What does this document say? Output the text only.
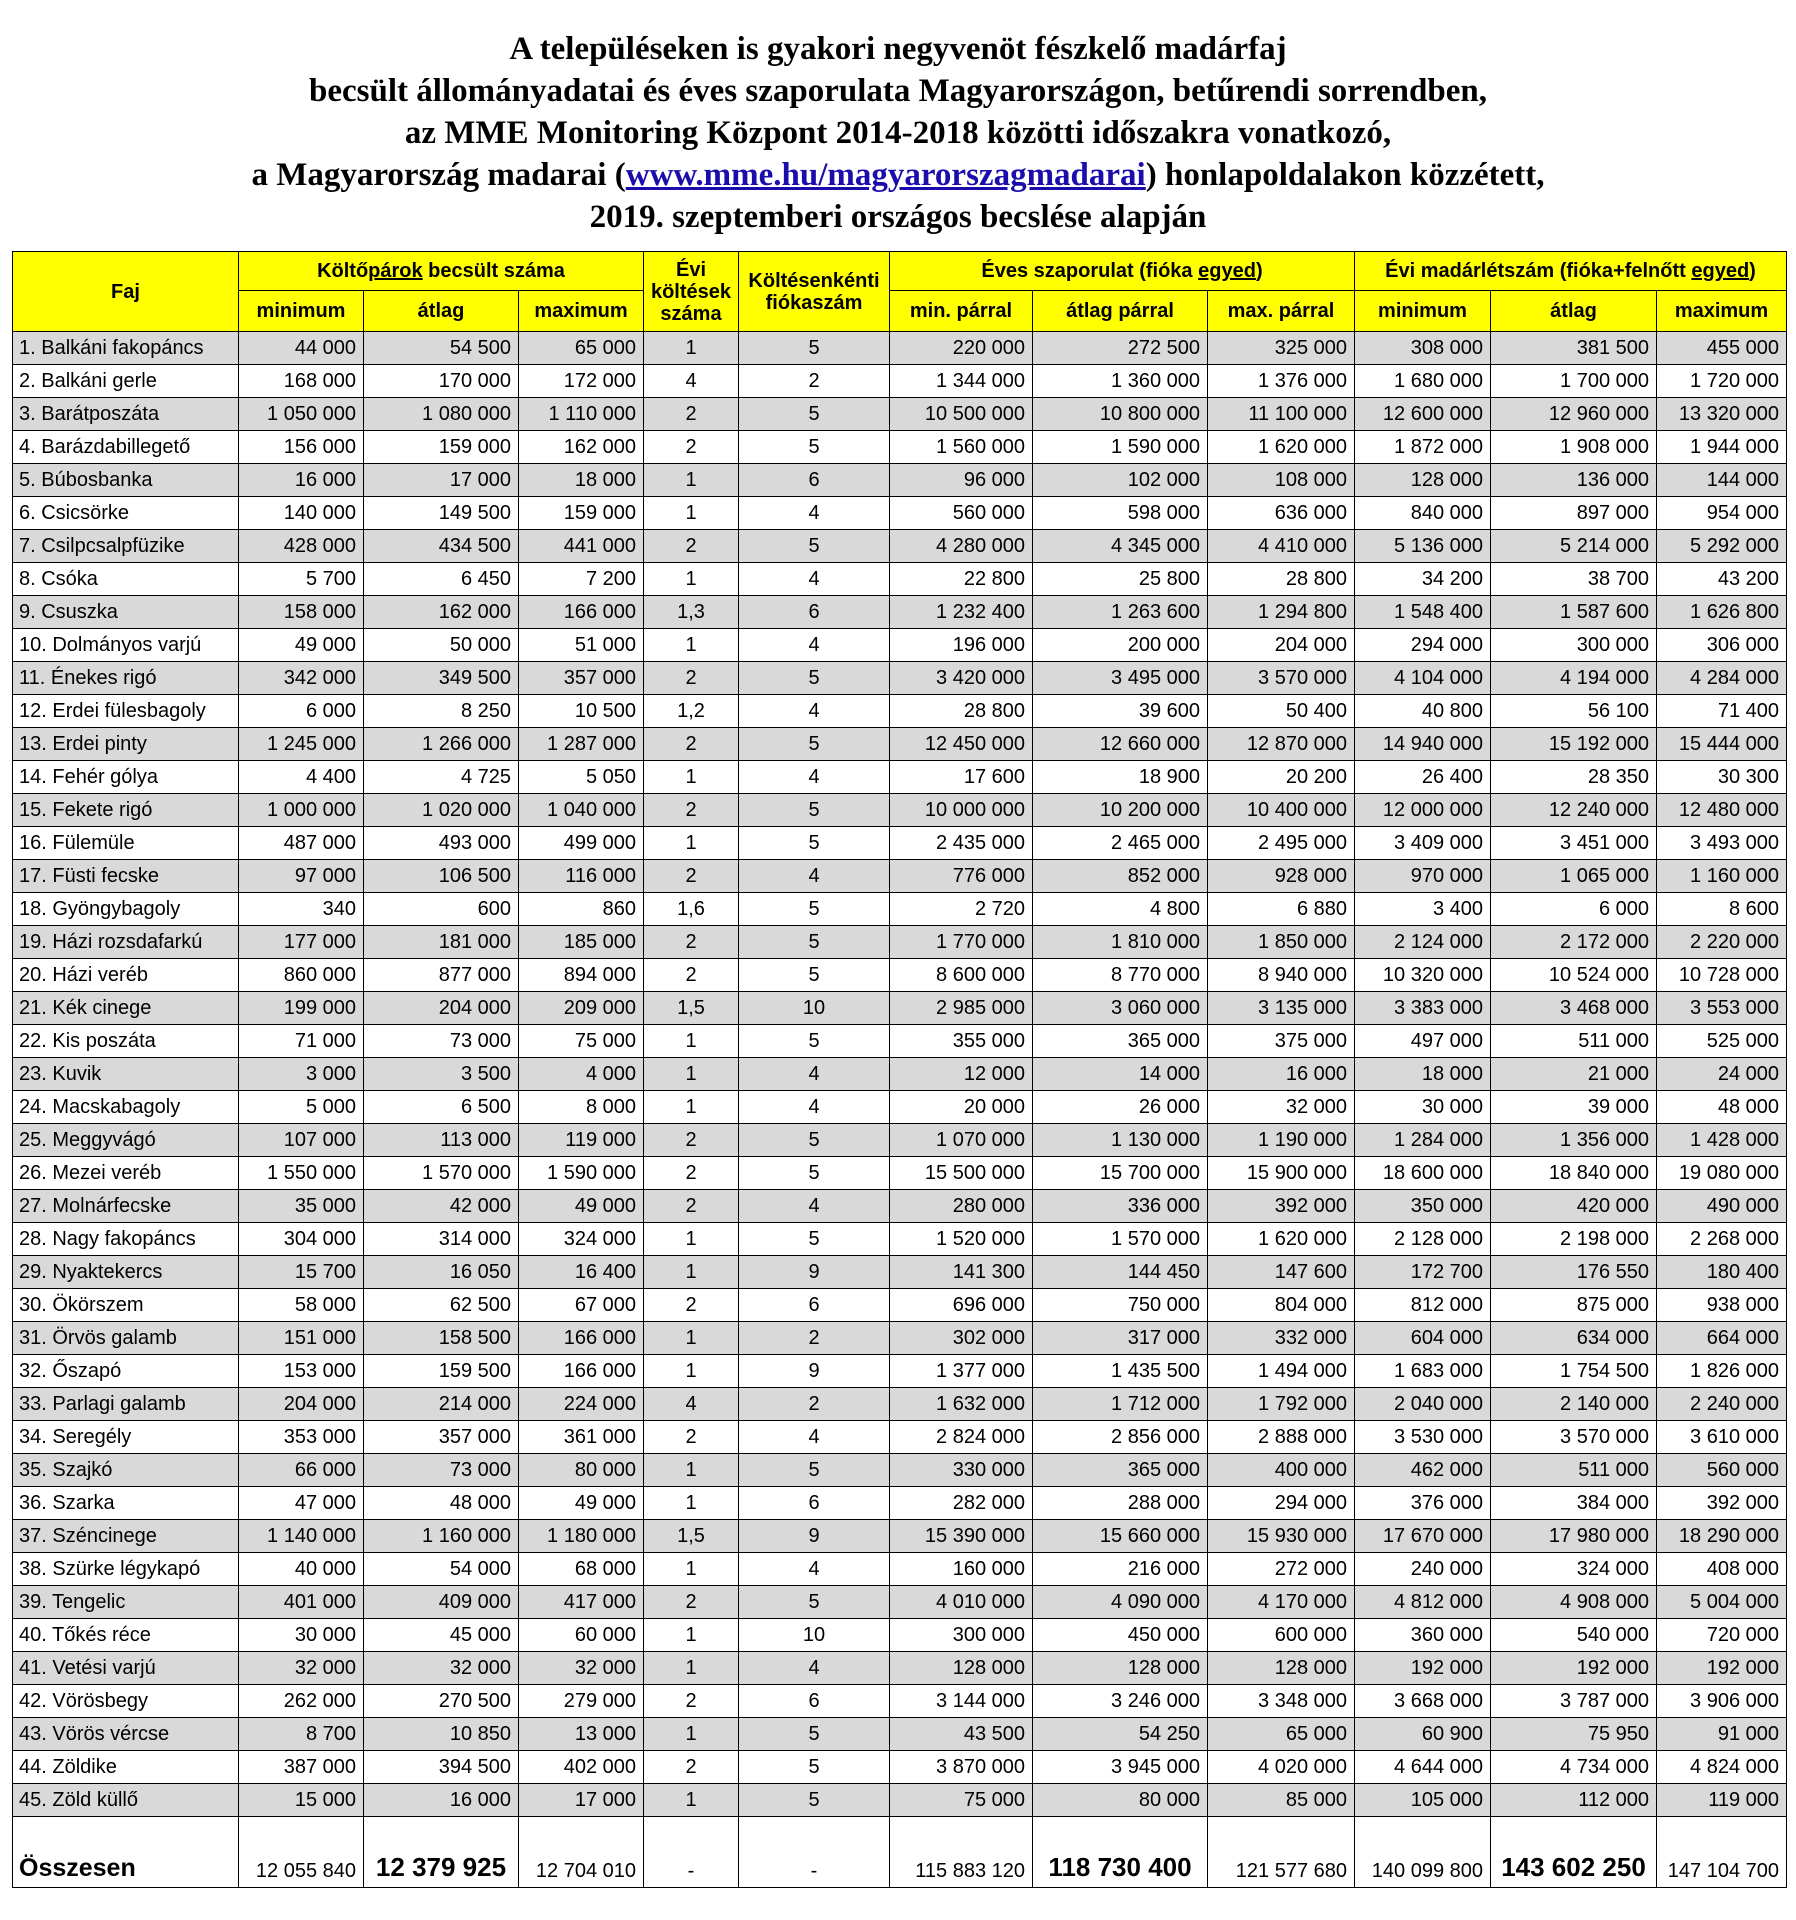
A településeken is gyakori negyvenöt fészkelő madárfaj
becsült állományadatai és éves szaporulata Magyarországon, betűrendi sorrendben,
az MME Monitoring Központ 2014-2018 közötti időszakra vonatkozó,
a Magyarország madarai (www.mme.hu/magyarorszagmadarai) honlapoldalakon közzétett,
2019. szeptemberi országos becslése alapján
Faj	Költőpárok becsült száma			Évi költések száma	Költésenkénti fiókaszám	Éves szaporulat (fióka egyed)			Évi madárlétszám (fióka+felnőtt egyed)		
	minimum	átlag	maximum			min. párral	átlag párral	max. párral	minimum	átlag	maximum
1. Balkáni fakopáncs	44 000	54 500	65 000	1	5	220 000	272 500	325 000	308 000	381 500	455 000
2. Balkáni gerle	168 000	170 000	172 000	4	2	1 344 000	1 360 000	1 376 000	1 680 000	1 700 000	1 720 000
3. Barátposzáta	1 050 000	1 080 000	1 110 000	2	5	10 500 000	10 800 000	11 100 000	12 600 000	12 960 000	13 320 000
4. Barázdabillegető	156 000	159 000	162 000	2	5	1 560 000	1 590 000	1 620 000	1 872 000	1 908 000	1 944 000
5. Búbosbanka	16 000	17 000	18 000	1	6	96 000	102 000	108 000	128 000	136 000	144 000
6. Csicsörke	140 000	149 500	159 000	1	4	560 000	598 000	636 000	840 000	897 000	954 000
7. Csilpcsalpfüzike	428 000	434 500	441 000	2	5	4 280 000	4 345 000	4 410 000	5 136 000	5 214 000	5 292 000
8. Csóka	5 700	6 450	7 200	1	4	22 800	25 800	28 800	34 200	38 700	43 200
9. Csuszka	158 000	162 000	166 000	1,3	6	1 232 400	1 263 600	1 294 800	1 548 400	1 587 600	1 626 800
10. Dolmányos varjú	49 000	50 000	51 000	1	4	196 000	200 000	204 000	294 000	300 000	306 000
11. Énekes rigó	342 000	349 500	357 000	2	5	3 420 000	3 495 000	3 570 000	4 104 000	4 194 000	4 284 000
12. Erdei fülesbagoly	6 000	8 250	10 500	1,2	4	28 800	39 600	50 400	40 800	56 100	71 400
13. Erdei pinty	1 245 000	1 266 000	1 287 000	2	5	12 450 000	12 660 000	12 870 000	14 940 000	15 192 000	15 444 000
14. Fehér gólya	4 400	4 725	5 050	1	4	17 600	18 900	20 200	26 400	28 350	30 300
15. Fekete rigó	1 000 000	1 020 000	1 040 000	2	5	10 000 000	10 200 000	10 400 000	12 000 000	12 240 000	12 480 000
16. Fülemüle	487 000	493 000	499 000	1	5	2 435 000	2 465 000	2 495 000	3 409 000	3 451 000	3 493 000
17. Füsti fecske	97 000	106 500	116 000	2	4	776 000	852 000	928 000	970 000	1 065 000	1 160 000
18. Gyöngybagoly	340	600	860	1,6	5	2 720	4 800	6 880	3 400	6 000	8 600
19. Házi rozsdafarkú	177 000	181 000	185 000	2	5	1 770 000	1 810 000	1 850 000	2 124 000	2 172 000	2 220 000
20. Házi veréb	860 000	877 000	894 000	2	5	8 600 000	8 770 000	8 940 000	10 320 000	10 524 000	10 728 000
21. Kék cinege	199 000	204 000	209 000	1,5	10	2 985 000	3 060 000	3 135 000	3 383 000	3 468 000	3 553 000
22. Kis poszáta	71 000	73 000	75 000	1	5	355 000	365 000	375 000	497 000	511 000	525 000
23. Kuvik	3 000	3 500	4 000	1	4	12 000	14 000	16 000	18 000	21 000	24 000
24. Macskabagoly	5 000	6 500	8 000	1	4	20 000	26 000	32 000	30 000	39 000	48 000
25. Meggyvágó	107 000	113 000	119 000	2	5	1 070 000	1 130 000	1 190 000	1 284 000	1 356 000	1 428 000
26. Mezei veréb	1 550 000	1 570 000	1 590 000	2	5	15 500 000	15 700 000	15 900 000	18 600 000	18 840 000	19 080 000
27. Molnárfecske	35 000	42 000	49 000	2	4	280 000	336 000	392 000	350 000	420 000	490 000
28. Nagy fakopáncs	304 000	314 000	324 000	1	5	1 520 000	1 570 000	1 620 000	2 128 000	2 198 000	2 268 000
29. Nyaktekercs	15 700	16 050	16 400	1	9	141 300	144 450	147 600	172 700	176 550	180 400
30. Ökörszem	58 000	62 500	67 000	2	6	696 000	750 000	804 000	812 000	875 000	938 000
31. Örvös galamb	151 000	158 500	166 000	1	2	302 000	317 000	332 000	604 000	634 000	664 000
32. Őszapó	153 000	159 500	166 000	1	9	1 377 000	1 435 500	1 494 000	1 683 000	1 754 500	1 826 000
33. Parlagi galamb	204 000	214 000	224 000	4	2	1 632 000	1 712 000	1 792 000	2 040 000	2 140 000	2 240 000
34. Seregély	353 000	357 000	361 000	2	4	2 824 000	2 856 000	2 888 000	3 530 000	3 570 000	3 610 000
35. Szajkó	66 000	73 000	80 000	1	5	330 000	365 000	400 000	462 000	511 000	560 000
36. Szarka	47 000	48 000	49 000	1	6	282 000	288 000	294 000	376 000	384 000	392 000
37. Széncinege	1 140 000	1 160 000	1 180 000	1,5	9	15 390 000	15 660 000	15 930 000	17 670 000	17 980 000	18 290 000
38. Szürke légykapó	40 000	54 000	68 000	1	4	160 000	216 000	272 000	240 000	324 000	408 000
39. Tengelic	401 000	409 000	417 000	2	5	4 010 000	4 090 000	4 170 000	4 812 000	4 908 000	5 004 000
40. Tőkés réce	30 000	45 000	60 000	1	10	300 000	450 000	600 000	360 000	540 000	720 000
41. Vetési varjú	32 000	32 000	32 000	1	4	128 000	128 000	128 000	192 000	192 000	192 000
42. Vörösbegy	262 000	270 500	279 000	2	6	3 144 000	3 246 000	3 348 000	3 668 000	3 787 000	3 906 000
43. Vörös vércse	8 700	10 850	13 000	1	5	43 500	54 250	65 000	60 900	75 950	91 000
44. Zöldike	387 000	394 500	402 000	2	5	3 870 000	3 945 000	4 020 000	4 644 000	4 734 000	4 824 000
45. Zöld küllő	15 000	16 000	17 000	1	5	75 000	80 000	85 000	105 000	112 000	119 000
Összesen	12 055 840	12 379 925	12 704 010	-	-	115 883 120	118 730 400	121 577 680	140 099 800	143 602 250	147 104 700
